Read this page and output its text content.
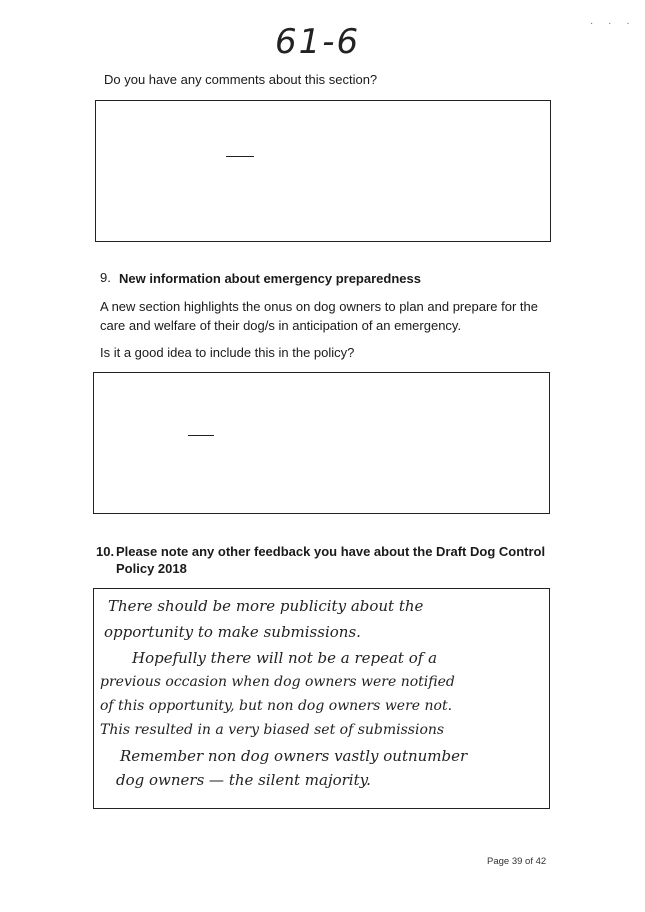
61-6	· · ·
Do you have any comments about this section?
9. New information about emergency preparedness
A new section highlights the onus on dog owners to plan and prepare for the care and welfare of their dog/s in anticipation of an emergency.
Is it a good idea to include this in the policy?
10. Please note any other feedback you have about the Draft Dog Control
Policy 2018
There should be more publicity about the
opportunity to make submissions.
Hopefully there will not be a repeat of a
previous occasion when dog owners were notified
of this opportunity, but non dog owners were not.
This resulted in a very biased set of submissions
Remember non dog owners vastly outnumber
dog owners — the silent majority.
Page 39 of 42
